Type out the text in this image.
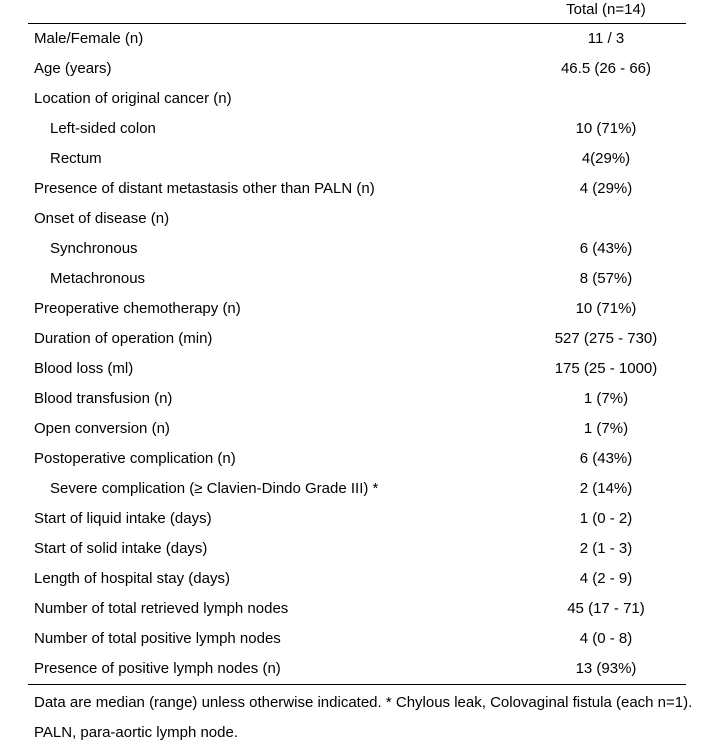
Total (n=14)
Male/Female (n)	11 / 3
Age (years)	46.5 (26 - 66)
Location of original cancer (n)
Left-sided colon	10 (71%)
Rectum	4(29%)
Presence of distant metastasis other than PALN (n)	4 (29%)
Onset of disease (n)
Synchronous	6 (43%)
Metachronous	8 (57%)
Preoperative chemotherapy (n)	10 (71%)
Duration of operation (min)	527 (275 - 730)
Blood loss (ml)	175 (25 - 1000)
Blood transfusion (n)	1 (7%)
Open conversion (n)	1 (7%)
Postoperative complication (n)	6 (43%)
Severe complication (≥ Clavien-Dindo Grade III) *	2 (14%)
Start of liquid intake (days)	1 (0 - 2)
Start of solid intake (days)	2 (1 - 3)
Length of hospital stay (days)	4 (2 - 9)
Number of total retrieved lymph nodes	45 (17 - 71)
Number of total positive lymph nodes	4 (0 - 8)
Presence of positive lymph nodes (n)	13 (93%)
Data are median (range) unless otherwise indicated. * Chylous leak, Colovaginal fistula (each n=1). PALN, para-aortic lymph node.
